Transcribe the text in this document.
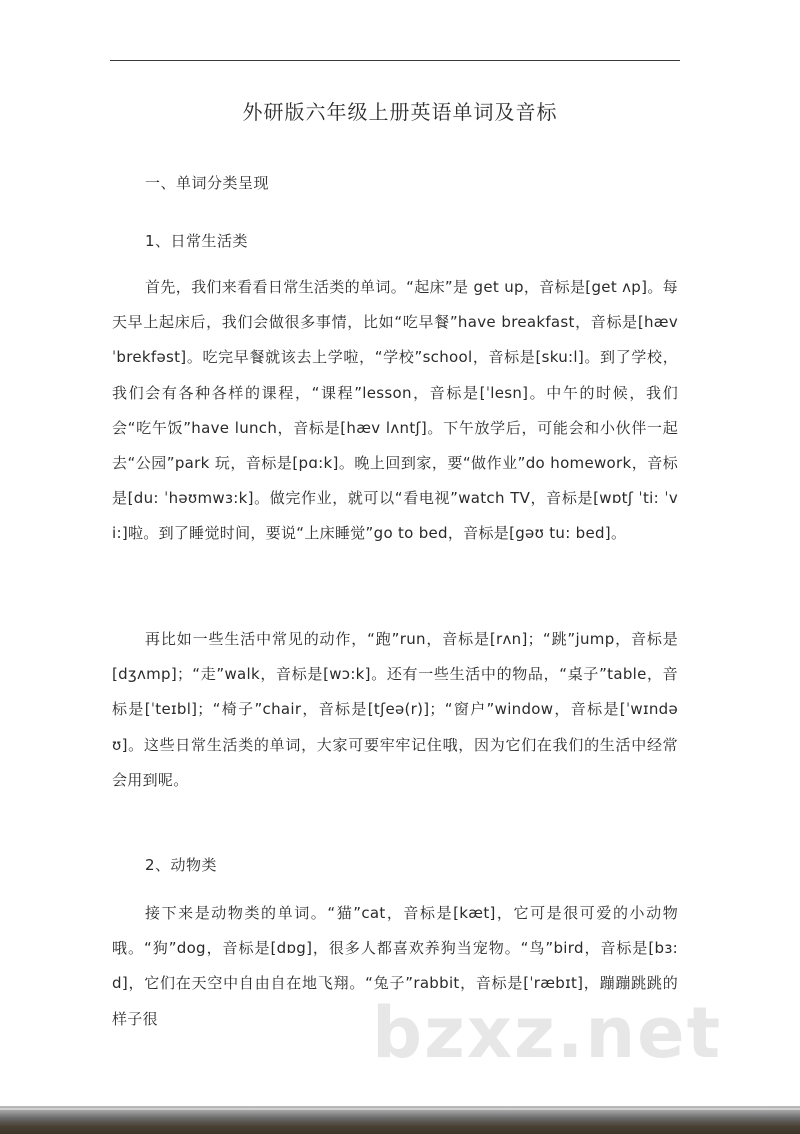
外研版六年级上册英语单词及音标
一、单词分类呈现
1、日常生活类
首先，我们来看看日常生活类的单词。“起床”是 get up，音标是[get ʌp]。每天早上起床后，我们会做很多事情，比如“吃早餐”have breakfast，音标是[hæv ˈbrekfəst]。吃完早餐就该去上学啦，“学校”school，音标是[sku:l]。到了学校，我们会有各种各样的课程，“课程”lesson，音标是[ˈlesn]。中午的时候，我们会“吃午饭”have lunch，音标是[hæv lʌntʃ]。下午放学后，可能会和小伙伴一起去“公园”park 玩，音标是[pɑ:k]。晚上回到家，要“做作业”do homework，音标是[du: ˈhəʊmwɜ:k]。做完作业，就可以“看电视”watch TV，音标是[wɒtʃ ˈti: ˈvi:]啦。到了睡觉时间，要说“上床睡觉”go to bed，音标是[gəʊ tu: bed]。
再比如一些生活中常见的动作，“跑”run，音标是[rʌn]；“跳”jump，音标是[dʒʌmp]；“走”walk，音标是[wɔ:k]。还有一些生活中的物品，“桌子”table，音标是[ˈteɪbl]；“椅子”chair，音标是[tʃeə(r)]；“窗户”window，音标是[ˈwɪndəʊ]。这些日常生活类的单词，大家可要牢牢记住哦，因为它们在我们的生活中经常会用到呢。
2、动物类
接下来是动物类的单词。“猫”cat，音标是[kæt]，它可是很可爱的小动物哦。“狗”dog，音标是[dɒg]，很多人都喜欢养狗当宠物。“鸟”bird，音标是[bɜ:d]，它们在天空中自由自在地飞翔。“兔子”rabbit，音标是[ˈræbɪt]，蹦蹦跳跳的样子很	bzxz.net
